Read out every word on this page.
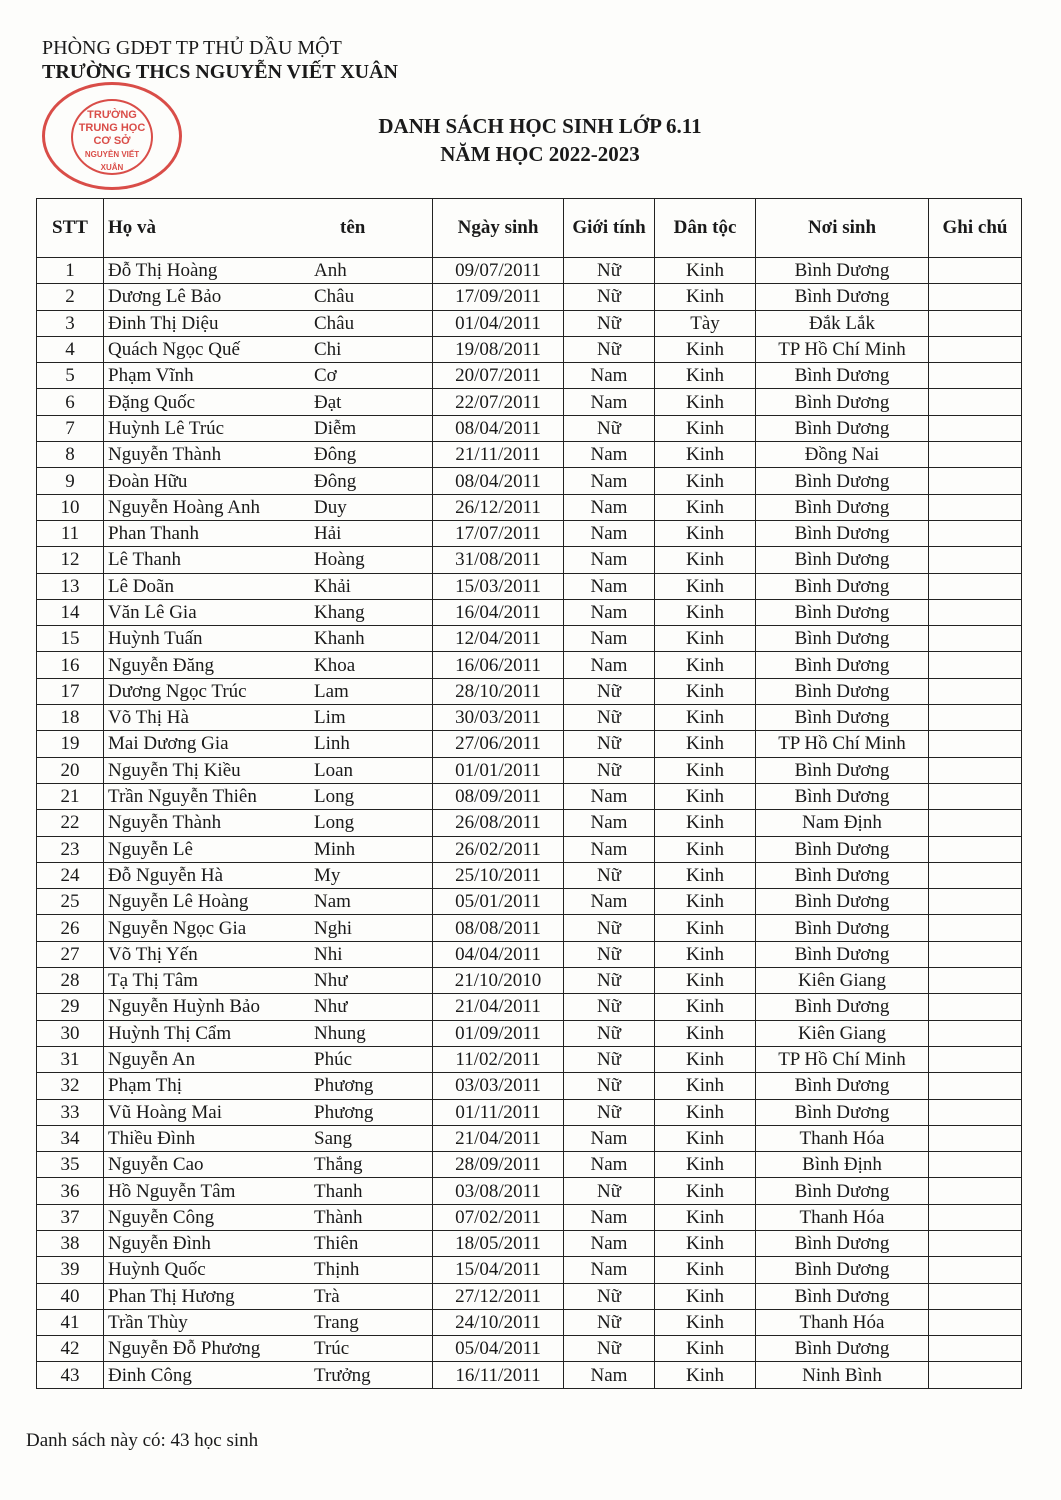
PHÒNG GDĐT TP THỦ DẦU MỘT
TRƯỜNG THCS NGUYỄN VIẾT XUÂN
TRƯỜNG
TRUNG HỌC
CƠ SỞ
NGUYỄN VIẾT XUÂN
DANH SÁCH HỌC SINH LỚP 6.11
NĂM HỌC 2022-2023
STT	Họ và	tên	Ngày sinh	Giới tính	Dân tộc	Nơi sinh	Ghi chú
1	Đỗ Thị Hoàng	Anh	09/07/2011	Nữ	Kinh	Bình Dương	
2	Dương Lê Bảo	Châu	17/09/2011	Nữ	Kinh	Bình Dương	
3	Đinh Thị Diệu	Châu	01/04/2011	Nữ	Tày	Đắk Lắk	
4	Quách Ngọc Quế	Chi	19/08/2011	Nữ	Kinh	TP Hồ Chí Minh	
5	Phạm Vĩnh	Cơ	20/07/2011	Nam	Kinh	Bình Dương	
6	Đặng Quốc	Đạt	22/07/2011	Nam	Kinh	Bình Dương	
7	Huỳnh Lê Trúc	Diễm	08/04/2011	Nữ	Kinh	Bình Dương	
8	Nguyễn Thành	Đông	21/11/2011	Nam	Kinh	Đồng Nai	
9	Đoàn Hữu	Đông	08/04/2011	Nam	Kinh	Bình Dương	
10	Nguyễn Hoàng Anh	Duy	26/12/2011	Nam	Kinh	Bình Dương	
11	Phan Thanh	Hải	17/07/2011	Nam	Kinh	Bình Dương	
12	Lê Thanh	Hoàng	31/08/2011	Nam	Kinh	Bình Dương	
13	Lê Doãn	Khải	15/03/2011	Nam	Kinh	Bình Dương	
14	Văn Lê Gia	Khang	16/04/2011	Nam	Kinh	Bình Dương	
15	Huỳnh Tuấn	Khanh	12/04/2011	Nam	Kinh	Bình Dương	
16	Nguyễn Đăng	Khoa	16/06/2011	Nam	Kinh	Bình Dương	
17	Dương Ngọc Trúc	Lam	28/10/2011	Nữ	Kinh	Bình Dương	
18	Võ Thị Hà	Lim	30/03/2011	Nữ	Kinh	Bình Dương	
19	Mai Dương Gia	Linh	27/06/2011	Nữ	Kinh	TP Hồ Chí Minh	
20	Nguyễn Thị Kiều	Loan	01/01/2011	Nữ	Kinh	Bình Dương	
21	Trần Nguyễn Thiên	Long	08/09/2011	Nam	Kinh	Bình Dương	
22	Nguyễn Thành	Long	26/08/2011	Nam	Kinh	Nam Định	
23	Nguyễn Lê	Minh	26/02/2011	Nam	Kinh	Bình Dương	
24	Đỗ Nguyễn Hà	My	25/10/2011	Nữ	Kinh	Bình Dương	
25	Nguyễn Lê Hoàng	Nam	05/01/2011	Nam	Kinh	Bình Dương	
26	Nguyễn Ngọc Gia	Nghi	08/08/2011	Nữ	Kinh	Bình Dương	
27	Võ Thị Yến	Nhi	04/04/2011	Nữ	Kinh	Bình Dương	
28	Tạ Thị Tâm	Như	21/10/2010	Nữ	Kinh	Kiên Giang	
29	Nguyễn Huỳnh Bảo	Như	21/04/2011	Nữ	Kinh	Bình Dương	
30	Huỳnh Thị Cẩm	Nhung	01/09/2011	Nữ	Kinh	Kiên Giang	
31	Nguyễn An	Phúc	11/02/2011	Nữ	Kinh	TP Hồ Chí Minh	
32	Phạm Thị	Phương	03/03/2011	Nữ	Kinh	Bình Dương	
33	Vũ Hoàng Mai	Phương	01/11/2011	Nữ	Kinh	Bình Dương	
34	Thiều Đình	Sang	21/04/2011	Nam	Kinh	Thanh Hóa	
35	Nguyễn Cao	Thắng	28/09/2011	Nam	Kinh	Bình Định	
36	Hồ Nguyễn Tâm	Thanh	03/08/2011	Nữ	Kinh	Bình Dương	
37	Nguyễn Công	Thành	07/02/2011	Nam	Kinh	Thanh Hóa	
38	Nguyễn Đình	Thiên	18/05/2011	Nam	Kinh	Bình Dương	
39	Huỳnh Quốc	Thịnh	15/04/2011	Nam	Kinh	Bình Dương	
40	Phan Thị Hương	Trà	27/12/2011	Nữ	Kinh	Bình Dương	
41	Trần Thùy	Trang	24/10/2011	Nữ	Kinh	Thanh Hóa	
42	Nguyễn Đỗ Phương	Trúc	05/04/2011	Nữ	Kinh	Bình Dương	
43	Đinh Công	Trưởng	16/11/2011	Nam	Kinh	Ninh Bình	
Danh sách này có: 43 học sinh
